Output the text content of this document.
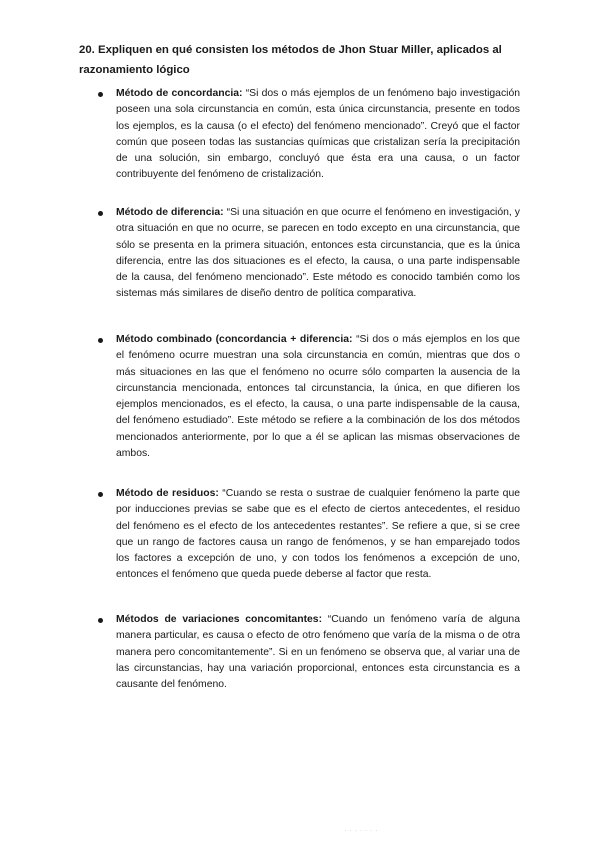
20. Expliquen en qué consisten los métodos de Jhon Stuar Miller, aplicados al razonamiento lógico

Método de concordancia: “Si dos o más ejemplos de un fenómeno bajo investigación poseen una sola circunstancia en común, esta única circunstancia, presente en todos los ejemplos, es la causa (o el efecto) del fenómeno mencionado”. Creyó que el factor común que poseen todas las sustancias químicas que cristalizan sería la precipitación de una solución, sin embargo, concluyó que ésta era una causa, o un factor contribuyente del fenómeno de cristalización.

Método de diferencia: “Si una situación en que ocurre el fenómeno en investigación, y otra situación en que no ocurre, se parecen en todo excepto en una circunstancia, que sólo se presenta en la primera situación, entonces esta circunstancia, que es la única diferencia, entre las dos situaciones es el efecto, la causa, o una parte indispensable de la causa, del fenómeno mencionado”. Este método es conocido también como los sistemas más similares de diseño dentro de política comparativa.

Método combinado (concordancia + diferencia: “Si dos o más ejemplos en los que el fenómeno ocurre muestran una sola circunstancia en común, mientras que dos o más situaciones en las que el fenómeno no ocurre sólo comparten la ausencia de la circunstancia mencionada, entonces tal circunstancia, la única, en que difieren los ejemplos mencionados, es el efecto, la causa, o una parte indispensable de la causa, del fenómeno estudiado”. Este método se refiere a la combinación de los dos métodos mencionados anteriormente, por lo que a él se aplican las mismas observaciones de ambos.

Método de residuos: “Cuando se resta o sustrae de cualquier fenómeno la parte que por inducciones previas se sabe que es el efecto de ciertos antecedentes, el residuo del fenómeno es el efecto de los antecedentes restantes”. Se refiere a que, si se cree que un rango de factores causa un rango de fenómenos, y se han emparejado todos los factores a excepción de uno, y con todos los fenómenos a excepción de uno, entonces el fenómeno que queda puede deberse al factor que resta.

Métodos de variaciones concomitantes: “Cuando un fenómeno varía de alguna manera particular, es causa o efecto de otro fenómeno que varía de la misma o de otra manera pero concomitantemente”. Si en un fenómeno se observa que, al variar una de las circunstancias, hay una variación proporcional, entonces esta circunstancia es a causante del fenómeno.

· · · · · · ·
